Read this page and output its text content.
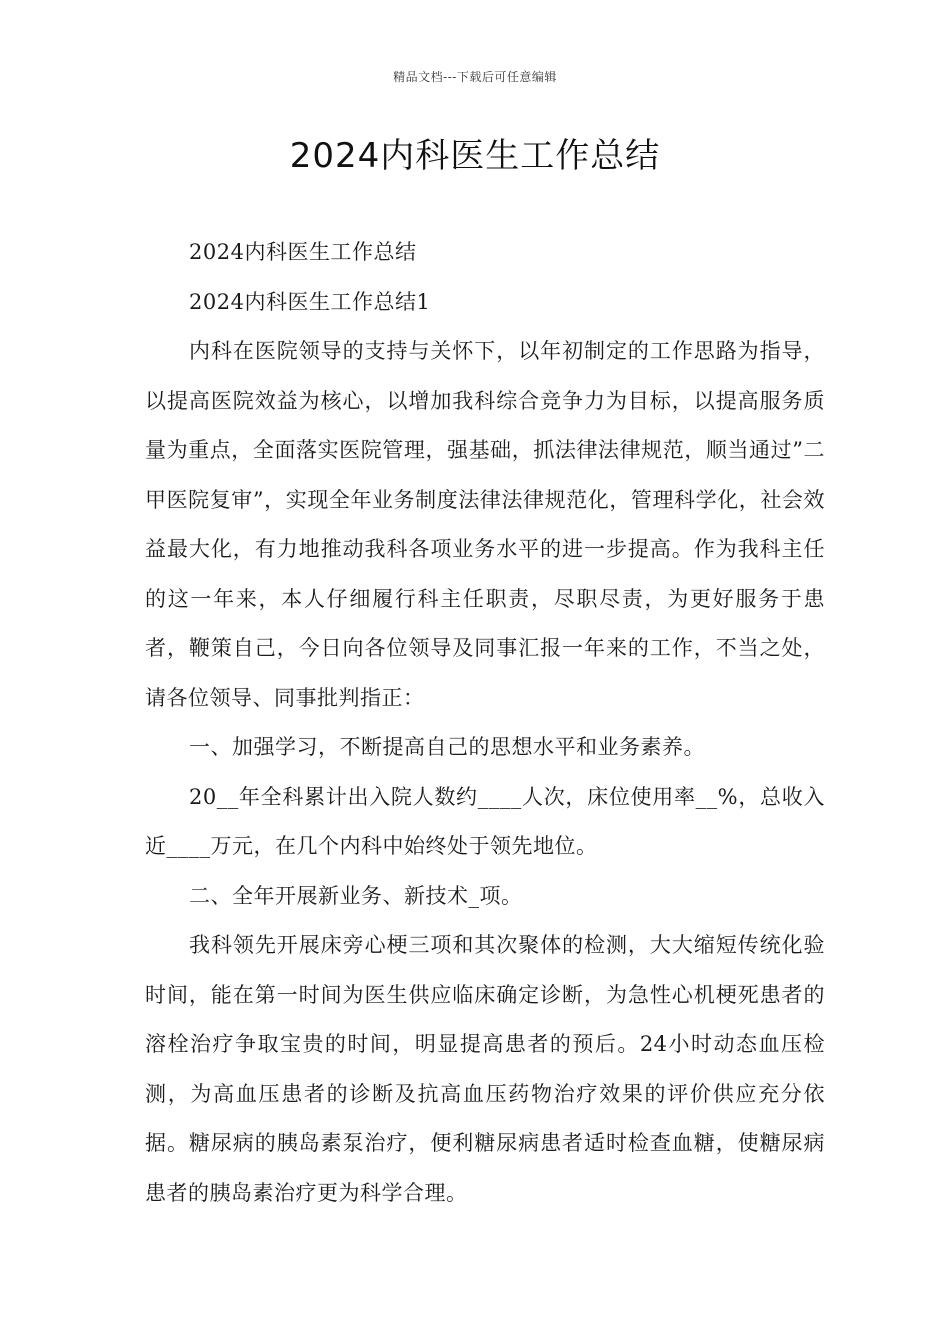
精品文档---下载后可任意编辑
2024内科医生工作总结

2024内科医生工作总结

2024内科医生工作总结1

内科在医院领导的支持与关怀下，以年初制定的工作思路为指导，以提高医院效益为核心，以增加我科综合竞争力为目标，以提高服务质量为重点，全面落实医院管理，强基础，抓法律法律规范，顺当通过”二甲医院复审”，实现全年业务制度法律法律规范化，管理科学化，社会效益最大化，有力地推动我科各项业务水平的进一步提高。作为我科主任的这一年来，本人仔细履行科主任职责，尽职尽责，为更好服务于患者，鞭策自己，今日向各位领导及同事汇报一年来的工作，不当之处，请各位领导、同事批判指正：

一、加强学习，不断提高自己的思想水平和业务素养。

20__年全科累计出入院人数约____人次，床位使用率__%，总收入近____万元，在几个内科中始终处于领先地位。

二、全年开展新业务、新技术_项。

我科领先开展床旁心梗三项和其次聚体的检测，大大缩短传统化验时间，能在第一时间为医生供应临床确定诊断，为急性心机梗死患者的溶栓治疗争取宝贵的时间，明显提高患者的预后。24小时动态血压检测，为高血压患者的诊断及抗高血压药物治疗效果的评价供应充分依据。糖尿病的胰岛素泵治疗，便利糖尿病患者适时检查血糖，使糖尿病患者的胰岛素治疗更为科学合理。
